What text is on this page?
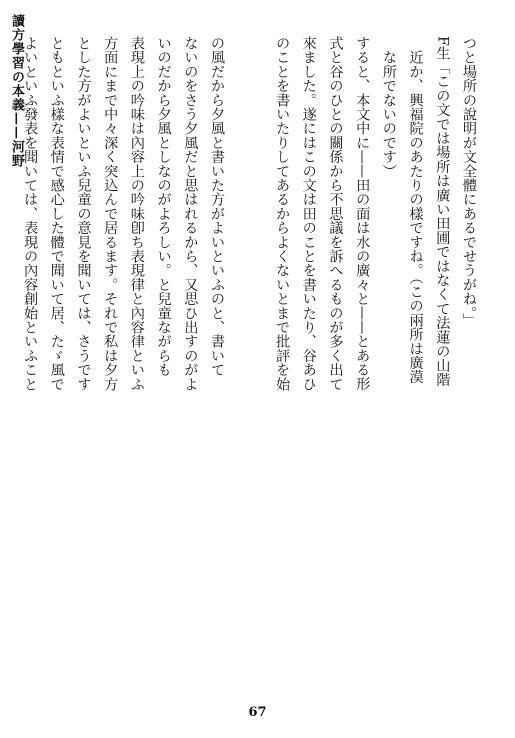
讀方學習の本義——河野	つと場所の說明が文全體にあるでせうがね。」
F生「この文では場所は廣い田圃ではなくて法蓮の山階
　近か、興福院のあたりの樣ですね。（この兩所は廣漠
　な所でないのです）
すると、本文中に——田の面は水の廣々と——とある形
式と谷のひとの關係から不思議を訴へるものが多く出て
來ました。遂にはこの文は田のことを書いたり、谷あひ
のことを書いたりしてあるからよくないとまで批評を始

の風だから夕風と書いた方がよいといふのと、書いて
ないのをさう夕風だと思はれるから、又思ひ出すのがよ
いのだから夕風としなのがよろしい。と兒童ながらも
表現上の吟味は內容上の吟味卽ち表現律と內容律といふ
方面にまで中々深く突込んで居るます。それで私は夕方
とした方がよいといふ兒童の意見を聞いては、さうです
ともといふ樣な表情で感心した體で聞いて居、たゞ風で
よいといふ發表を聞いては、表現の內容創始といふこと

67
